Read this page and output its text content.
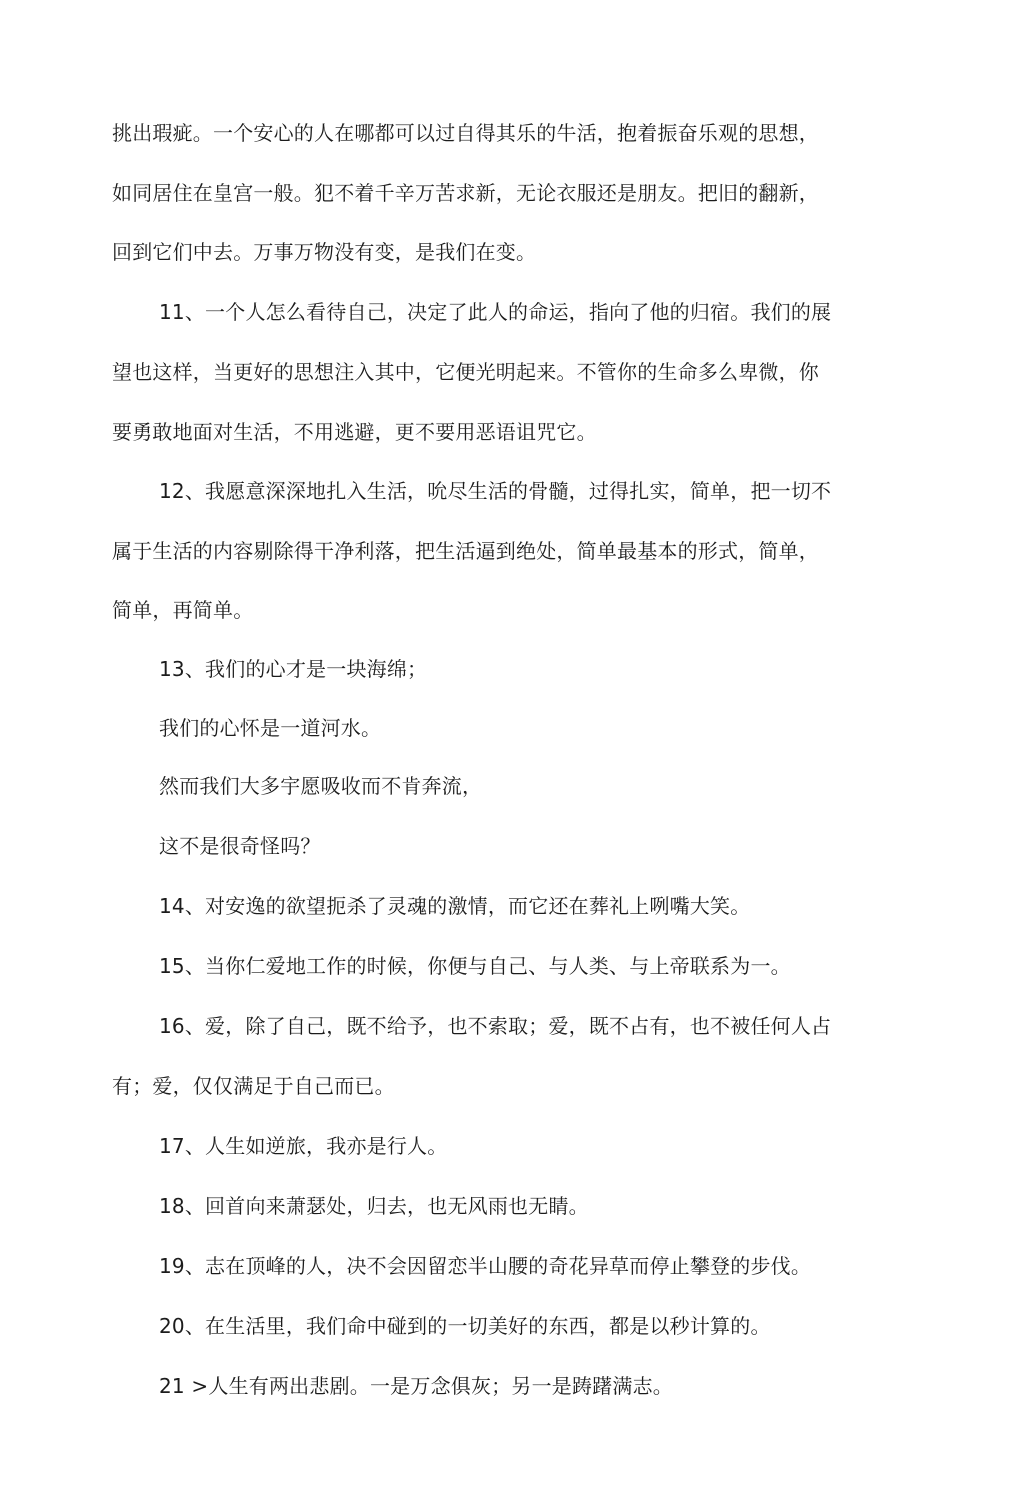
挑出瑕疵。一个安心的人在哪都可以过自得其乐的牛活，抱着振奋乐观的思想，
如同居住在皇宫一般。犯不着千辛万苦求新，无论衣服还是朋友。把旧的翻新，
回到它们中去。万事万物没有变，是我们在变。
11、一个人怎么看待自己，决定了此人的命运，指向了他的归宿。我们的展
望也这样，当更好的思想注入其中，它便光明起来。不管你的生命多么卑微，你
要勇敢地面对生活，不用逃避，更不要用恶语诅咒它。
12、我愿意深深地扎入生活，吮尽生活的骨髓，过得扎实，简单，把一切不
属于生活的内容剔除得干净利落，把生活逼到绝处，简单最基本的形式，简单，
简单，再简单。
13、我们的心才是一块海绵；
我们的心怀是一道河水。
然而我们大多宇愿吸收而不肯奔流，
这不是很奇怪吗？
14、对安逸的欲望扼杀了灵魂的激情，而它还在葬礼上咧嘴大笑。
15、当你仁爱地工作的时候，你便与自己、与人类、与上帝联系为一。
16、爱，除了自己，既不给予，也不索取；爱，既不占有，也不被任何人占
有；爱，仅仅满足于自己而已。
17、人生如逆旅，我亦是行人。
18、回首向来萧瑟处，归去，也无风雨也无睛。
19、志在顶峰的人，决不会因留恋半山腰的奇花异草而停止攀登的步伐。
20、在生活里，我们命中碰到的一切美好的东西，都是以秒计算的。
21 >人生有两出悲剧。一是万念俱灰；另一是踌躇满志。
